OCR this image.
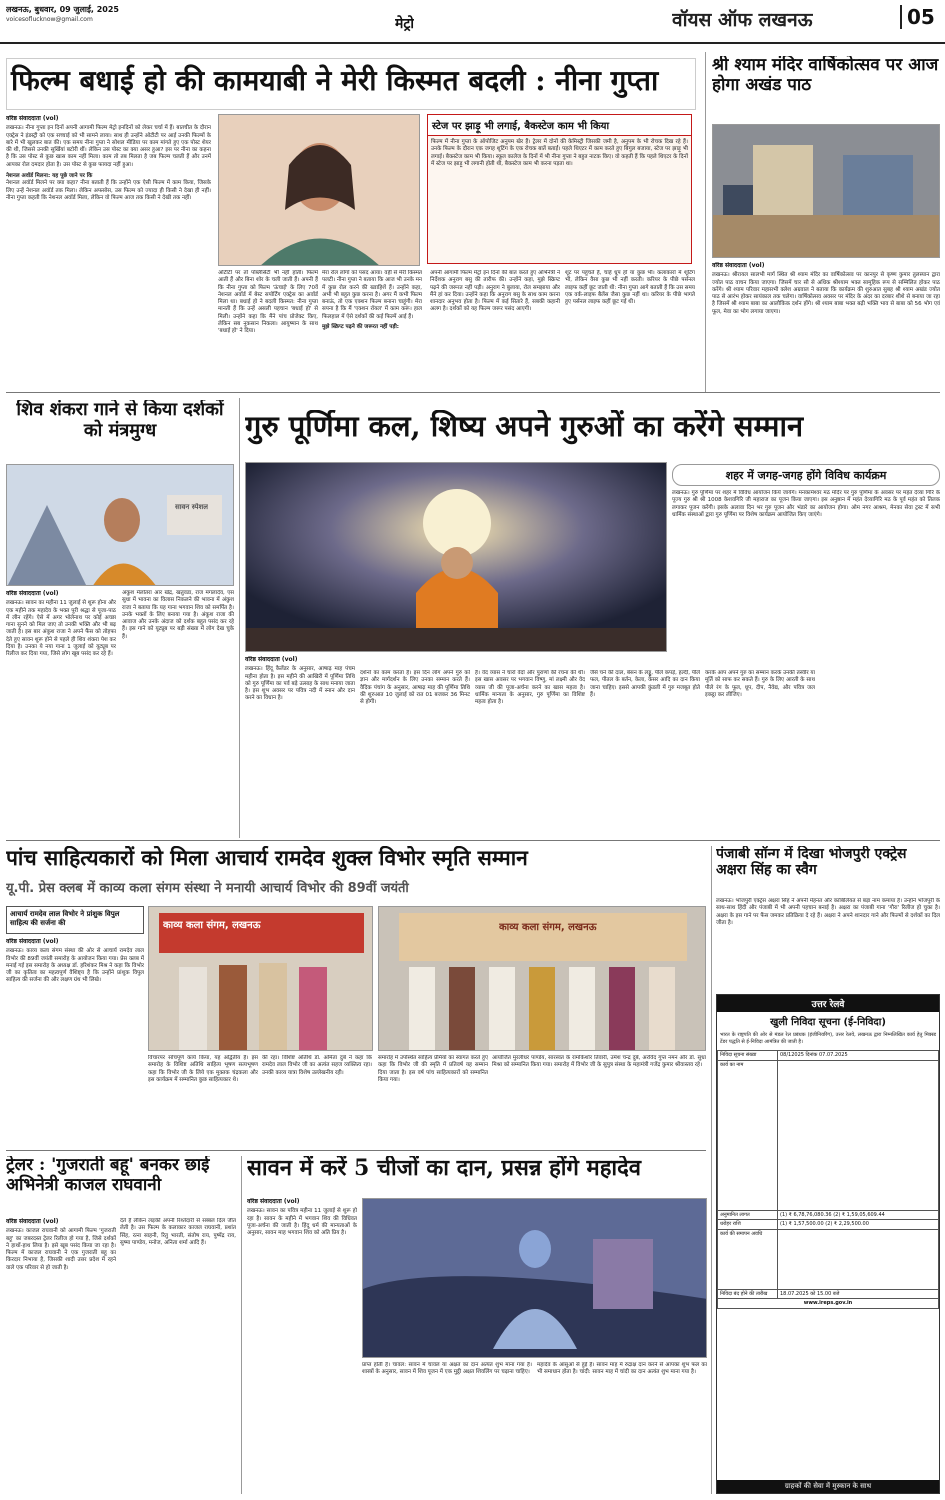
लखनऊ, बुधवार, 09 जुलाई, 2025
voicesoflucknow@gmail.com	मेट्रो	वॉयस ऑफ लखनऊ	05
फिल्म बधाई हो की कामयाबी ने मेरी किस्मत बदली : नीना गुप्ता
वरिष्ठ संवाददाता (vol)

लखनऊ। नीना गुप्ता इन दिनों अपनी आगामी फिल्म मेट्रो इनदिनों को लेकर चर्चा में हैं। बातचीत के दौरान एक्ट्रेस ने इंडस्ट्री को एक सच्चाई को भी सामने लाया। साथ ही उन्होंने ओटीटी पर आई उनकी फिल्मों के बारे में भी खुलकर बात की। एक समय नीना गुप्ता ने सोशल मीडिया पर काम मांगते हुए एक पोस्ट शेयर की थी, जिससे उनकी सुर्खियां बटोरी थीं। लेकिन उस पोस्ट का क्या असर हुआ? इस पर नीना का कहना है कि उस पोस्ट से कुछ खास काम नहीं मिला। काम तो तब मिलता है जब फिल्म चलती हैं और उनमें आपका रोल दमदार होता है। उस पोस्ट से कुछ फायदा नहीं हुआ।

नेशनल अवॉर्ड मिलना: यह पूछे जाने पर कि

नेशनल अवॉर्ड मिलने पर क्या कहा? नीना बताती हैं कि उन्होंने एक ऐसी फिल्म में काम किया, जिसके लिए उन्हें नेशनल अवॉर्ड तक मिला। लेकिन अफसोस, उस फिल्म को ज्यादा ही किसी ने देखा ही नहीं। नीना गुप्ता कहती कि नेशनल अवॉर्ड मिला, लेकिन वो फिल्म आज तक किसी ने देखी तक नहीं।

स्टेज पर झाड़ू भी लगाई, बैकस्टेज काम भी किया
फिल्म में नीना गुप्ता के ऑपोजिट अनुपम खेर हैं। ट्रेलर में दोनों की केमिस्ट्री जिसकी जमी है, अनुपम के भी रोचक दिख रहे हैं। उनके फिल्म के दौरान एक जगह शूटिंग के एक रोचक बातें बताईं। पहले थिएटर में काम करते हुए बिगुल बजाया, स्टेज पर झाड़ू भी लगाई। बैकस्टेज काम भी किया। स्कूल कालेज के दिनों में भी नीना गुप्ता ने बहुत नाटक किए। वो कहती हैं कि पहले थिएटर के दिनों में स्टेज पर झाड़ू भी लगानी होती थी, बैकस्टेज काम भी करना पड़ता था।
ओटीटी पर तो पब्लिसिटी भी नहीं होती। फिल्में आती हैं और बिना शोर के चली जाती हैं। अपनी हैं कि नीना गुप्ता को फिल्म 'ऊंचाई' के लिए 70वें नेशनल अवॉर्ड में बेस्ट सपोर्टिंग एक्ट्रेस का अवॉर्ड मिला था। बधाई हो ने बदली किस्मत: नीना गुप्ता मानती हैं कि उन्हें असली पहचान 'बधाई हो' से मिली। उन्होंने कहा कि मैंने पांच प्रोजेक्ट किए, लेकिन सब नुकसान निकला। आयुष्मान के साथ 'बधाई हो' ने दिया।

मेरा रोल लोगों को पसंद आया। वहीं से मेरी किस्मत पलटी। नीना गुप्ता ने बताया कि आज भी उनके मन में कुछ रोल करने की ख्वाहिशें हैं। उन्होंने कहा, अभी भी बहुत कुछ करना है। अगर मैं कभी फिल्म बनाऊं, तो एक एक्शन फिल्म बनाना चाहूंगी। मेरा सपना है कि मैं 'एक्शन रॉयल' में काम करूं। हाल फिलहाल में ऐसे दर्शकों की कई फिल्में आई हैं।

मुझे स्क्रिप्ट पढ़ने की जरूरत नहीं पड़ी:

अपनी आगामी फिल्म मेट्रो इन दिनों की बात करते हुए अभिनेत्री ने निर्देशक अनुराग बसु की तारीफ की। उन्होंने कहा, मुझे स्क्रिप्ट पढ़ने की जरूरत नहीं पड़ी। अनुराग ने बुलाया, रोल समझाया और मैंने हां कर दिया। उन्होंने कहा कि अनुराग बसु के साथ काम करना शानदार अनुभव होता है। फिल्म में कई सितारे हैं, सबकी कहानी अलग है। दर्शकों को यह फिल्म जरूर पसंद आएगी।
शूट पर पहुंचते हैं, चाहे धूप हो या कुछ भी। कलाकारों में शूटिंग भी, लेकिन वैसा कुछ भी नहीं करती। करियर के पीछे पर्सनल लाइफ कहीं छूट जाती थी: नीना गुप्ता आगे बताती हैं कि उस समय एक वर्क-लाइफ बैलेंस जैसा कुछ नहीं था। करियर के पीछे भागते हुए पर्सनल लाइफ कहीं छूट गई थी।
श्री श्याम मंदिर वार्षिकोत्सव पर आज होगा अखंड पाठ
वरिष्ठ संवाददाता (vol)

लखनऊ। श्रीरायल सालभी मार्ग स्थित श्री श्याम मंदिर का वार्षिकोत्सव पर कानपुर से कृष्ण कुमार तुलस्यान द्वारा ज्योत पाठ वाचन किया जाएगा। जिसमें चार सौ से अधिक श्रीश्याम भक्त सामूहिक रूप से सम्मिलित होकर पाठ करेंगे। श्री श्याम परिवार महासभी क्लेश अग्रवाल ने बताया कि कार्यक्रम की शुरुआत सुबह श्री श्याम अखंड ज्योत पाठ से आरंभ होकर सायंकाल तक चलेगा। वार्षिकोत्सव अवसर पर मंदिर के अंदर का दरबार शीशे से बनाया जा रहा है जिसमें श्री श्याम बाबा का आलौकिक दर्शन होंगे। श्री श्याम बाबा भक्त बढ़ी भक्ति भाव से बाबा को 56 भोग एवं फूल, मेवा का भोग लगाया जाएगा।

शिव शंकरा गाने से किया दर्शकों को मंत्रमुग्ध
सावन स्पेशल
वरिष्ठ संवाददाता (vol)

लखनऊ। सावन का महीना 11 जुलाई से शुरू होना और एक महीने तक महादेव के भक्त पूरी श्रद्धा से पूजा-पाठ में लीन रहेंगे। ऐसे में अगर भोलेनाथ पर कोई अच्छा गाना सुनने को मिल जाए तो उनकी भक्ति और भी बढ़ जाती है। इस बार अंकुश राजा ने अपने फैंस को तोहफा देते हुए सावन शुरू होने से पहले ही शिव शंकरा पेश कर दिया है। उनका ये नया गाना 1 जुलाई को यूट्यूब पर रिलीज कर दिया गया, जिसे लोग खूब पसंद कर रहे हैं।

अंकुश मेलोतरा आर खेंद्र, खतुवडा, राज मंगलादेव, एस सुधा में भावना का विलास निकलने की भावना में अंकुश राजा ने बताया कि यह गाना भगवान शिव को समर्पित है। उनके भक्तों के लिए बनाया गया है। अंकुश राजा की आवाज और उनके अंदाज को दर्शक बहुत पसंद कर रहे हैं। इस गाने को यूट्यूब पर बड़ी संख्या में लोग देख चुके हैं।
गुरु पूर्णिमा कल, शिष्य अपने गुरुओं का करेंगे सम्मान
शहर में जगह-जगह होंगे विविध कार्यक्रम
लखनऊ। गुरु पूर्णिमा पर शहर में विविध आयोजन किये जायेंगे। मनकामेश्वर मठ मंदिर पर गुरु पूर्णिमा के अवसर पर महंत देव्या गिरि के पूज्य गुरु श्री श्री 1008 केशवगिरि जी महाराज का पूजन किया जाएगा। इस अनुष्ठान में महंत देव्यागिरि मठ के पूर्व महंत को तिलक लगाकर पूजन करेंगी। इसके अलावा दिन भर गुरु पूजन और भंडारे का आयोजन होगा। ओम नगर आश्रम, मेनका सेवा ट्रस्ट में सभी धार्मिक संस्थाओं द्वारा गुरु पूर्णिमा पर विशेष कार्यक्रम आयोजित किए जाएंगे।
वरिष्ठ संवाददाता (vol)

लखनऊ। हिंदू कैलेंडर के अनुसार, आषाढ़ माह पंचम महीना होता है। इस महीने की आखिरी में पूर्णिमा तिथि को गुरु पूर्णिमा का पर्व बड़े उत्साह के साथ मनाया जाता है। इस शुभ अवसर पर पवित्र नदी में स्नान और दान करने का विधान है।

दर्शनों का काम करता है। इस दिन लोग अपने गुरु को ज्ञान और मार्गदर्शन के लिए उनका सम्मान करते हैं। वैदिक पंचांग के अनुसार, आषाढ़ माह की पूर्णिमा तिथि की शुरुआत 10 जुलाई को रात 01 बजकर 36 मिनट से होगी।
है। वेद व्यास ने चारों वेदों और पुराणों की रचना की थी। इस खास अवसर पर भगवान विष्णु, मां लक्ष्मी और वेद व्यास जी की पूजा-अर्चना करने का खास महत्व है। धार्मिक मान्यता के अनुसार, गुरु पूर्णिमा का विशिष्ट महत्व होता है।
जैसे चने की दाल, बेसन के लड्डू, पीले कपड़े, हल्दी, पीले फल, पीतल के बर्तन, केला, केसर आदि का दान किया जाना चाहिए। इससे आपकी कुंडली में गुरु मजबूत होते हैं।
करके आप अपने गुरु का सम्मान करके उनकी तस्वीर या मूर्ति को साफ कर सकते हैं। गुरु के लिए आरती के साथ पीले रंग के फूल, धूप, दीप, नैवेद्य, और पवित्र जल इकट्ठा कर लीजिए।
पांच साहित्यकारों को मिला आचार्य रामदेव शुक्ल विभोर स्मृति सम्मान
यू.पी. प्रेस क्लब में काव्य कला संगम संस्था ने मनायी आचार्य विभोर की 89वीं जयंती
आचार्य रामदेव लाल विभोर ने प्रांशुक विपुल साहित्य की सर्जना की
वरिष्ठ संवाददाता (vol)

लखनऊ। काव्य कला संगम संस्था की ओर से आचार्य रामदेव लाल विभोर की 89वीं जयंती समारोह के आयोजन किया गया। प्रेस क्लब में मनाई गई इस समारोह के अध्यक्ष डॉ. हरिशंकर मिश्र ने कहा कि विभोर जी का कृतित्व का महत्वपूर्ण वैशिष्ट्य है कि उन्होंने प्रांशुक विपुल साहित्य की सर्जना की और लक्षण ग्रंथ भी लिखे।

काव्य कला संगम, लखनऊ	काव्य कला संगम, लखनऊ
विचारपर सोचपूर्ण कार्य किया, यह अद्वितीय है। इस समारोह के विशिष्ट अतिथि साहित्य भूषण सत्यभूषण कहा कि विभोर जी के लिये एक मुक्तक चंद्रकला और इस कार्यक्रम में सम्मानित कुछ साहित्यकार थे।
की रहा। विशिष्ट अतिथि डॉ. अमिता दुबे ने कहा कि रामदेव लाल विभोर जी का अत्यंत सहज व्यक्तित्व रहा। उनकी काव्य यात्रा विशेष उल्लेखनीय रही।
समारोह में उपस्थित साहित्य प्रेमियों का स्वागत करते हुए कहा कि विभोर जी की स्मृति में प्रतिवर्ष यह सम्मान दिया जाता है। इस वर्ष पांच साहित्यकारों को सम्मानित किया गया।
आयोजित मुरलीधर पाण्डेय, सारस्वत के रामकिशोर तिवारी, उमेश चन्द्र दुबे, अरविंद गुप्त नमन और डॉ. सुधा मिश्रा को सम्मानित किया गया। समारोह में विभोर जी के सुपुत्र संस्था के महामंत्री गजेंद्र कुमार श्रीवास्तव रहे।
पंजाबी सॉन्ग में दिखा भोजपुरी एक्ट्रेस अक्षरा सिंह का स्वैग
लखनऊ। भोजपुरी एक्ट्रेस अक्षरा सिंह ने अपनी मेहनत और काबिलियत से बड़ा नाम कमाया है। उन्होंने भोजपुरी के साथ-साथ हिंदी और पंजाबी में भी अपनी पहचान बनाई है। अक्षरा का पंजाबी गाना 'गौरा' रिलीज हो चुका है। अक्षरा के इस गाने पर फैंस जमकर प्रतिक्रिया दे रहे हैं। अक्षरा ने अपने शानदार गाने और फिल्मों से दर्शकों का दिल जीता है।
उत्तर रेलवे
खुली निविदा सूचना (ई-निविदा)
भारत के राष्ट्रपति की ओर से मंडल रेल प्रबंधक (इंजीनियरिंग), उत्तर रेलवे, लखनऊ द्वारा निम्नलिखित कार्य हेतु मिक्स्ड टेंडर पद्धति से ई-निविदा आमंत्रित की जाती है।
निविदा सूचना संख्या	08/12025 दिनांक 07.07.2025
कार्य का नाम	
अनुमानित लागत	(1) ₹ 6,78,76,080.36 (2) ₹ 1,59,05,609.44
धरोहर राशि	(1) ₹ 1,57,500.00 (2) ₹ 2,29,500.00
कार्य की समापन अवधि	
निविदा बंद होने की तारीख	18.07.2025 को 15.00 बजे
www.ireps.gov.in	
ग्राहकों की सेवा में मुस्कान के साथ
ट्रेलर : 'गुजराती बहू' बनकर छाई अभिनेत्री काजल राघवानी
वरिष्ठ संवाददाता (vol)

लखनऊ। काजल राघवानी को आगामी फिल्म 'गुजराती बहू' का जबरदस्त ट्रेलर रिलीज हो गया है, जिसे दर्शकों ने हाथों-हाथ लिया है। इसे खूब पसंद किया जा रहा है। फिल्म में काजल राघवानी ने एक गुजराती बहू का किरदार निभाया है, जिसकी शादी उत्तर प्रदेश में रहने वाले एक परिवार से हो जाती है।

देते हैं लेकिन लड़की अपनी रिश्तेदारी से सब्बल दिल जीत लेती है। उस फिल्म के कलाकार काजल राघवानी, प्रशांत सिंह, रत्ना साहनी, रितु भारती, संतोष राय, पुष्पेंद्र राय, सुष्मा पाण्डेय, मनोज, अनिता शर्मा आदि हैं।
सावन में करें 5 चीजों का दान, प्रसन्न होंगे महादेव
वरिष्ठ संवाददाता (vol)

लखनऊ। सावन का पवित्र महीना 11 जुलाई से शुरू हो रहा है। सावन के महीने में भगवान शिव की विधिवत पूजा-अर्चना की जाती है। हिंदू धर्म की मान्यताओं के अनुसार, सावन माह भगवान शिव को अति प्रिय है।

प्राप्त होती है। चावल: सावन में चावल या अक्षत का दान अत्यंत शुभ माना गया है। शास्त्रों के अनुसार, सावन में शिव पूजन में एक मुट्ठी अक्षत शिवलिंग पर चढ़ाना चाहिए।
महादेव के आंसुओं से हुई है। सावन माह में रुद्राक्ष दान करने से आपका शुभ फल का भी समाधान होता है। चांदी: सावन माह में चांदी का दान अत्यंत शुभ माना गया है।
